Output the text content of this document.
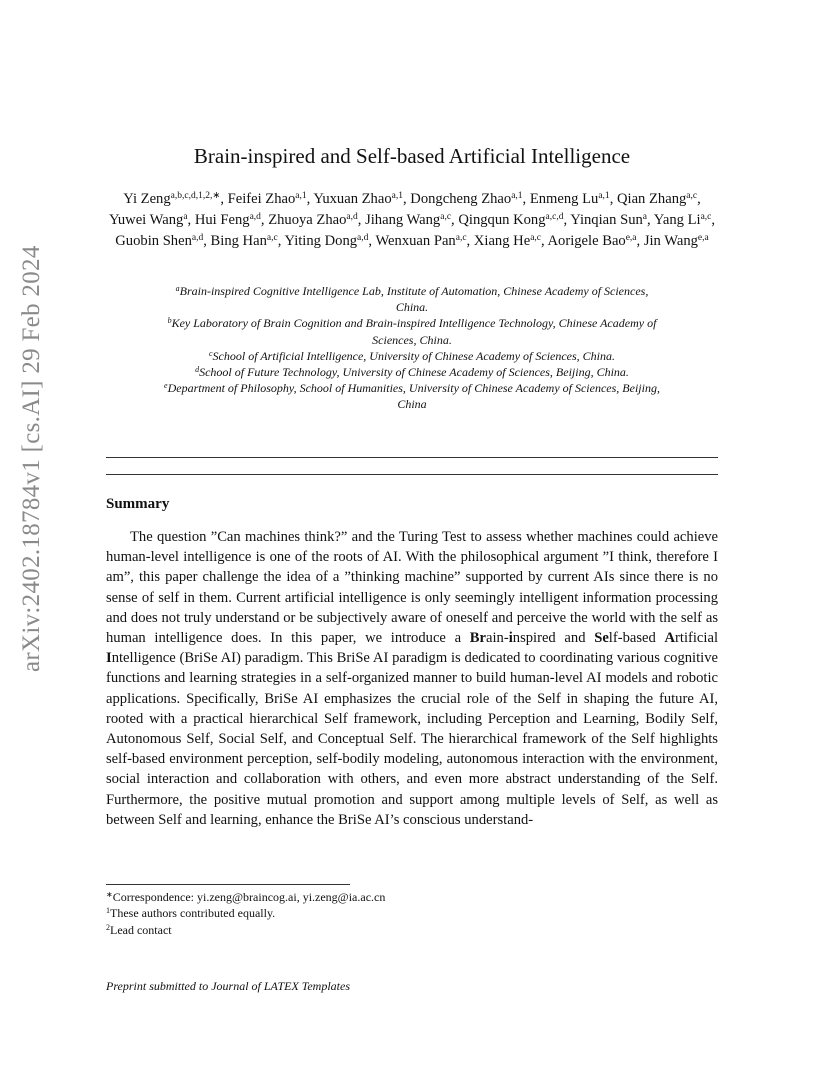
arXiv:2402.18784v1 [cs.AI] 29 Feb 2024
Brain-inspired and Self-based Artificial Intelligence
Yi Zeng$^{a,b,c,d,1,2,∗}$, Feifei Zhao$^{a,1}$, Yuxuan Zhao$^{a,1}$, Dongcheng Zhao$^{a,1}$, Enmeng Lu$^{a,1}$, Qian Zhang$^{a,c}$, Yuwei Wang$^a$, Hui Feng$^{a,d}$, Zhuoya Zhao$^{a,d}$, Jihang Wang$^{a,c}$, Qingqun Kong$^{a,c,d}$, Yinqian Sun$^a$, Yang Li$^{a,c}$, Guobin Shen$^{a,d}$, Bing Han$^{a,c}$, Yiting Dong$^{a,d}$, Wenxuan Pan$^{a,c}$, Xiang He$^{a,c}$, Aorigele Bao$^{e,a}$, Jin Wang$^{e,a}$
$^a$Brain-inspired Cognitive Intelligence Lab, Institute of Automation, Chinese Academy of Sciences,
China.
$^b$Key Laboratory of Brain Cognition and Brain-inspired Intelligence Technology, Chinese Academy of
Sciences, China.
$^c$School of Artificial Intelligence, University of Chinese Academy of Sciences, China.
$^d$School of Future Technology, University of Chinese Academy of Sciences, Beijing, China.
$^e$Department of Philosophy, School of Humanities, University of Chinese Academy of Sciences, Beijing,
China
Summary
The question ”Can machines think?” and the Turing Test to assess whether machines could achieve human-level intelligence is one of the roots of AI. With the philosophical argument ”I think, therefore I am”, this paper challenge the idea of a ”thinking machine” supported by current AIs since there is no sense of self in them. Current artificial intelligence is only seemingly intelligent information processing and does not truly understand or be subjectively aware of oneself and perceive the world with the self as human intelligence does. In this paper, we introduce a Brain-inspired and Self-based Artificial Intelligence (BriSe AI) paradigm. This BriSe AI paradigm is dedicated to coordinating various cognitive functions and learning strategies in a self-organized manner to build human-level AI models and robotic applications. Specifically, BriSe AI emphasizes the crucial role of the Self in shaping the future AI, rooted with a practical hierarchical Self framework, including Perception and Learning, Bodily Self, Autonomous Self, Social Self, and Conceptual Self. The hierarchical framework of the Self highlights self-based environment perception, self-bodily modeling, autonomous interaction with the environment, social interaction and collaboration with others, and even more abstract understanding of the Self. Furthermore, the positive mutual promotion and support among multiple levels of Self, as well as between Self and learning, enhance the BriSe AI’s conscious understand-
∗Correspondence: yi.zeng@braincog.ai, yi.zeng@ia.ac.cn
$^1$These authors contributed equally.
$^2$Lead contact
Preprint submitted to Journal of LATEX Templates
